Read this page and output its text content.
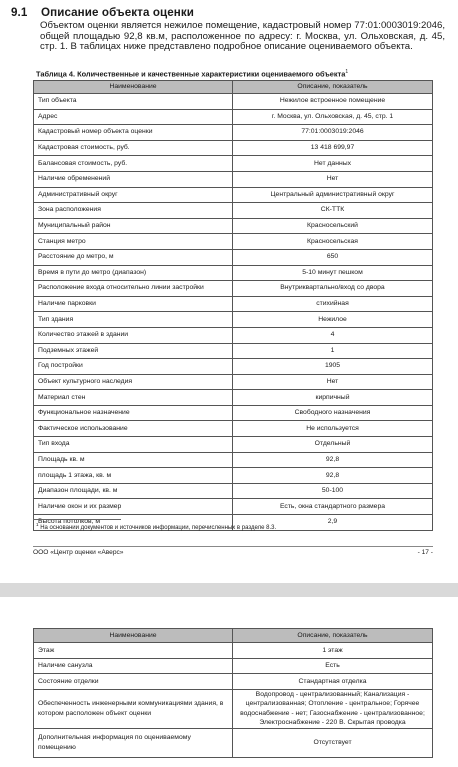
9.1 Описание объекта оценки
Объектом оценки является нежилое помещение, кадастровый номер 77:01:0003019:2046, общей площадью 92,8 кв.м, расположенное по адресу: г. Москва, ул. Ольховская, д. 45, стр. 1. В таблицах ниже представлено подробное описание оцениваемого объекта.
Таблица 4. Количественные и качественные характеристики оцениваемого объекта$^1$
Наименование	Описание, показатель
Тип объекта	Нежилое встроенное помещение
Адрес	г. Москва, ул. Ольховская, д. 45, стр. 1
Кадастровый номер объекта оценки	77:01:0003019:2046
Кадастровая стоимость, руб.	13 418 699,97
Балансовая стоимость, руб.	Нет данных
Наличие обременений	Нет
Административный округ	Центральный административный округ
Зона расположения	СК-ТТК
Муниципальный район	Красносельский
Станция метро	Красносельская
Расстояние до метро, м	650
Время в пути до метро (диапазон)	5-10 минут пешком
Расположение входа относительно линии застройки	Внутриквартально/вход со двора
Наличие парковки	стихийная
Тип здания	Нежилое
Количество этажей в здании	4
Подземных этажей	1
Год постройки	1905
Объект культурного наследия	Нет
Материал стен	кирпичный
Функциональное назначение	Свободного назначения
Фактическое использование	Не используется
Тип входа	Отдельный
Площадь кв. м	92,8
площадь 1 этажа, кв. м	92,8
Диапазон площади, кв. м	50-100
Наличие окон и их размер	Есть, окна стандартного размера
Высота потолков, м	2,9
$^1$ На основании документов и источников информации, перечисленных в разделе 8.3.
ООО «Центр оценки «Аверс»	- 17 -
Наименование	Описание, показатель
Этаж	1 этаж
Наличие санузла	Есть
Состояние отделки	Стандартная отделка
Обеспеченность инженерными коммуникациями здания, в котором расположен объект оценки	Водопровод - централизованный; Канализация - централизованная; Отопление - центральное; Горячее водоснабжение - нет; Газоснабжение - централизованное; Электроснабжение - 220 В. Скрытая проводка
Дополнительная информация по оцениваемому помещению	Отсутствует
